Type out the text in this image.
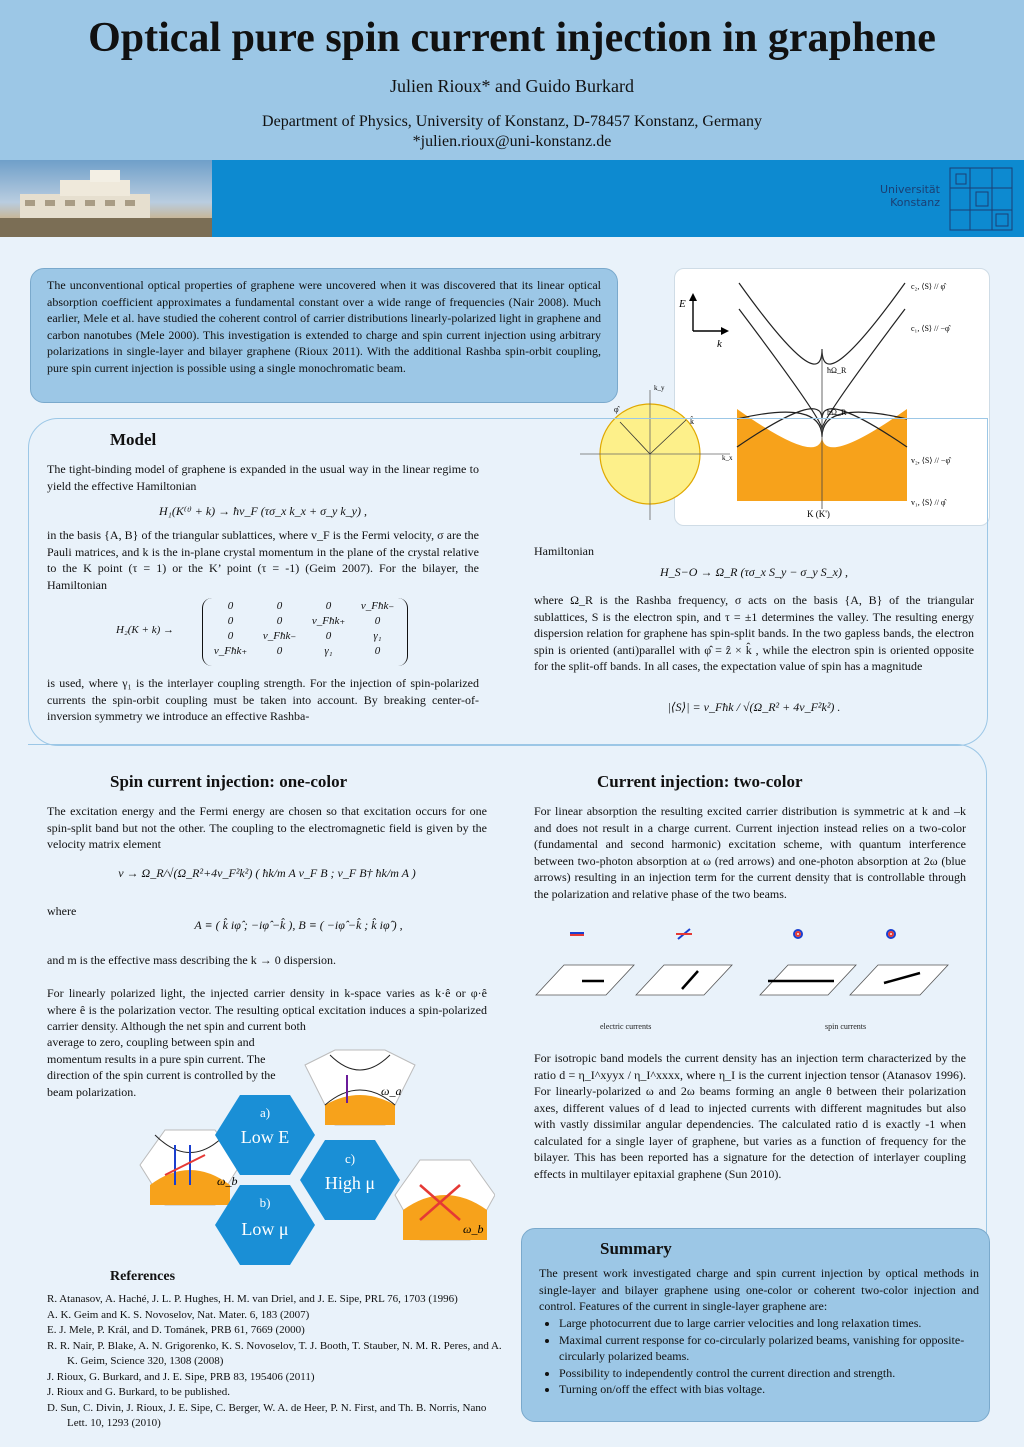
Optical pure spin current injection in graphene
Julien Rioux* and Guido Burkard
Department of Physics, University of Konstanz, D-78457 Konstanz, Germany
*julien.rioux@uni-konstanz.de
Universität
Konstanz
The unconventional optical properties of graphene were uncovered when it was discovered that its linear optical absorption coefficient approximates a fundamental constant over a wide range of frequencies (Nair 2008). Much earlier, Mele et al. have studied the coherent control of carrier distributions linearly-polarized light in graphene and carbon nanotubes (Mele 2000). This investigation is extended to charge and spin current injection using arbitrary polarizations in single-layer and bilayer graphene (Rioux 2011). With the additional Rashba spin-orbit coupling, pure spin current injection is possible using a single monochromatic beam.
E
k
c₂, ⟨S⟩ // φ̂
c₁, ⟨S⟩ // −φ̂
v₂, ⟨S⟩ // −φ̂
v₁, ⟨S⟩ // φ̂
ħΩ_R
ħΩ_R
K (K')
k_y
k_x
φ̂
k̂
Model
The tight-binding model of graphene is expanded in the usual way in the linear regime to yield the effective Hamiltonian
H₁(K⁽ᵗ⁾ + k) → ħv_F (τσ_x k_x + σ_y k_y) ,
in the basis {A, B} of the triangular sublattices, where v_F is the Fermi velocity, σ are the Pauli matrices, and k is the in-plane crystal momentum in the plane of the crystal relative to the K point (τ = 1) or the K’ point (τ = -1) (Geim 2007). For the bilayer, the Hamiltonian
H₂(K + k) →
0	0	0	v_Fħk₋
0	0	v_Fħk₊	0
0	v_Fħk₋	0	γ₁
v_Fħk₊	0	γ₁	0
is used, where γ₁ is the interlayer coupling strength. For the injection of spin-polarized currents the spin-orbit coupling must be taken into account. By breaking center-of-inversion symmetry we introduce an effective Rashba-
Hamiltonian
H_S−O → Ω_R (τσ_x S_y − σ_y S_x) ,
where Ω_R is the Rashba frequency, σ acts on the basis {A, B} of the triangular sublattices, S is the electron spin, and τ = ±1 determines the valley. The resulting energy dispersion relation for graphene has spin-split bands. In the two gapless bands, the electron spin is oriented (anti)parallel with φ̂ = ẑ × k̂ , while the electron spin is oriented opposite for the split-off bands. In all cases, the expectation value of spin has a magnitude
|⟨S⟩| = v_Fħk / √(Ω_R² + 4v_F²k²) .
Spin current injection: one-color
The excitation energy and the Fermi energy are chosen so that excitation occurs for one spin-split band but not the other. The coupling to the electromagnetic field is given by the velocity matrix element
v → Ω_R/√(Ω_R²+4v_F²k²) ( ħk/m A v_F B ; v_F B† ħk/m A )
where
A ≡ ( k̂ iφ̂ ; −iφ̂ −k̂ ), B ≡ ( −iφ̂ −k̂ ; k̂ iφ̂ ) ,
and m is the effective mass describing the k → 0 dispersion.
For linearly polarized light, the injected carrier density in k-space varies as k·ê or φ·ê where ê is the polarization vector. The resulting optical excitation induces a spin-polarized carrier density. Although the net spin and current both
average to zero, coupling between spin and momentum results in a pure spin current. The direction of the spin current is controlled by the beam polarization.	ω_a
ω_b
ω_b
a)
Low E
c)
High μ
b)
Low μ
Current injection: two-color
For linear absorption the resulting excited carrier distribution is symmetric at k and –k and does not result in a charge current. Current injection instead relies on a two-color (fundamental and second harmonic) excitation scheme, with quantum interference between two-photon absorption at ω (red arrows) and one-photon absorption at 2ω (blue arrows) resulting in an injection term for the current density that is controllable through the polarization and relative phase of the two beams.
electric currents	spin currents
For isotropic band models the current density has an injection term characterized by the ratio d = η_I^xyyx / η_I^xxxx, where η_I is the current injection tensor (Atanasov 1996). For linearly-polarized ω and 2ω beams forming an angle θ between their polarization axes, different values of d lead to injected currents with different magnitudes but also with vastly dissimilar angular dependencies. The calculated ratio d is exactly -1 when calculated for a single layer of graphene, but varies as a function of frequency for the bilayer. This has been reported has a signature for the detection of interlayer coupling effects in multilayer epitaxial graphene (Sun 2010).
Summary
The present work investigated charge and spin current injection by optical methods in single-layer and bilayer graphene using one-color or coherent two-color injection and control. Features of the current in single-layer graphene are:
• Large photocurrent due to large carrier velocities and long relaxation times.
• Maximal current response for co-circularly polarized beams, vanishing for opposite-circularly polarized beams.
• Possibility to independently control the current direction and strength.
• Turning on/off the effect with bias voltage.
References
R. Atanasov, A. Haché, J. L. P. Hughes, H. M. van Driel, and J. E. Sipe, PRL 76, 1703 (1996)
A. K. Geim and K. S. Novoselov, Nat. Mater. 6, 183 (2007)
E. J. Mele, P. Král, and D. Tománek, PRB 61, 7669 (2000)
R. R. Nair, P. Blake, A. N. Grigorenko, K. S. Novoselov, T. J. Booth, T. Stauber, N. M. R. Peres, and A. K. Geim, Science 320, 1308 (2008)
J. Rioux, G. Burkard, and J. E. Sipe, PRB 83, 195406 (2011)
J. Rioux and G. Burkard, to be published.
D. Sun, C. Divin, J. Rioux, J. E. Sipe, C. Berger, W. A. de Heer, P. N. First, and Th. B. Norris, Nano Lett. 10, 1293 (2010)
